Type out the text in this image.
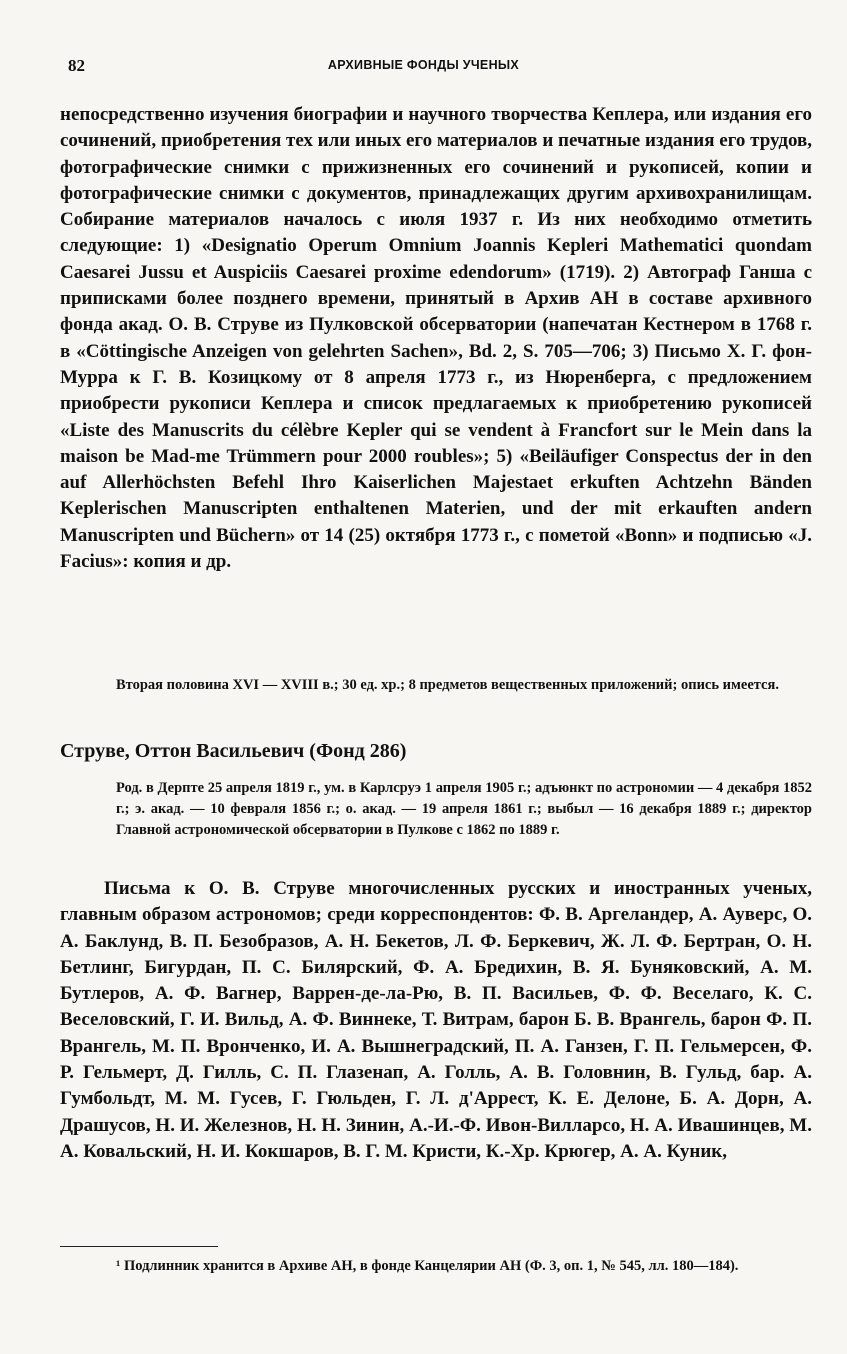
82	АРХИВНЫЕ ФОНДЫ УЧЕНЫХ

непосредственно изучения биографии и научного творчества Кеплера, или издания его сочинений, приобретения тех или иных его материалов и печатные издания его трудов, фотографические снимки с прижизненных его сочинений и рукописей, копии и фотографические снимки с документов, принадлежащих другим архивохранилищам. Собирание материалов началось с июля 1937 г. Из них необходимо отметить следующие: 1) «Designatio Operum Omnium Joannis Kepleri Mathematici quondam Caesarei Jussu et Auspiciis Caesarei proxime edendorum» (1719). 2) Автограф Ганша с приписками более позднего времени, принятый в Архив АН в составе архивного фонда акад. О. В. Струве из Пулковской обсерватории (напечатан Кестнером в 1768 г. в «Cöttingische Anzeigen von gelehrten Sachen», Bd. 2, S. 705—706; 3) Письмо Х. Г. фон-Мурра к Г. В. Козицкому от 8 апреля 1773 г., из Нюренберга, с предложением приобрести рукописи Кеплера и список предлагаемых к приобретению рукописей «Liste des Manuscrits du célèbre Kepler qui se vendent à Francfort sur le Mein dans la maison be Mad-me Trümmern pour 2000 roubles»; 5) «Beiläufiger Conspectus der in den auf Allerhöchsten Befehl Ihro Kaiserlichen Majestaet erkuften Achtzehn Bänden Keplerischen Manuscripten enthaltenen Materien, und der mit erkauften andern Manuscripten und Büchern» от 14 (25) октября 1773 г., с пометой «Bonn» и подписью «J. Facius»: копия и др.

Вторая половина XVI — XVIII в.; 30 ед. хр.; 8 предметов вещественных приложений; опись имеется.

Струве, Оттон Васильевич (Фонд 286)

Род. в Дерпте 25 апреля 1819 г., ум. в Карлсруэ 1 апреля 1905 г.; адъюнкт по астрономии — 4 декабря 1852 г.; э. акад. — 10 февраля 1856 г.; о. акад. — 19 апреля 1861 г.; выбыл — 16 декабря 1889 г.; директор Главной астрономической обсерватории в Пулкове с 1862 по 1889 г.

Письма к О. В. Струве многочисленных русских и иностранных ученых, главным образом астрономов; среди корреспондентов: Ф. В. Аргеландер, А. Ауверс, О. А. Баклунд, В. П. Безобразов, А. Н. Бекетов, Л. Ф. Беркевич, Ж. Л. Ф. Бертран, О. Н. Бетлинг, Бигурдан, П. С. Билярский, Ф. А. Бредихин, В. Я. Буняковский, А. М. Бутлеров, А. Ф. Вагнер, Варрен-де-ла-Рю, В. П. Васильев, Ф. Ф. Веселаго, К. С. Веселовский, Г. И. Вильд, А. Ф. Виннеке, Т. Витрам, барон Б. В. Врангель, барон Ф. П. Врангель, М. П. Вронченко, И. А. Вышнеградский, П. А. Ганзен, Г. П. Гельмерсен, Ф. Р. Гельмерт, Д. Гилль, С. П. Глазенап, А. Голль, А. В. Головнин, В. Гульд, бар. А. Гумбольдт, М. М. Гусев, Г. Гюльден, Г. Л. д'Аррест, К. Е. Делоне, Б. А. Дорн, А. Драшусов, Н. И. Железнов, Н. Н. Зинин, А.-И.-Ф. Ивон-Вилларсо, Н. А. Ивашинцев, М. А. Ковальский, Н. И. Кокшаров, В. Г. М. Кристи, К.-Хр. Крюгер, А. А. Куник,

¹ Подлинник хранится в Архиве АН, в фонде Канцелярии АН (Ф. 3, оп. 1, № 545, лл. 180—184).
